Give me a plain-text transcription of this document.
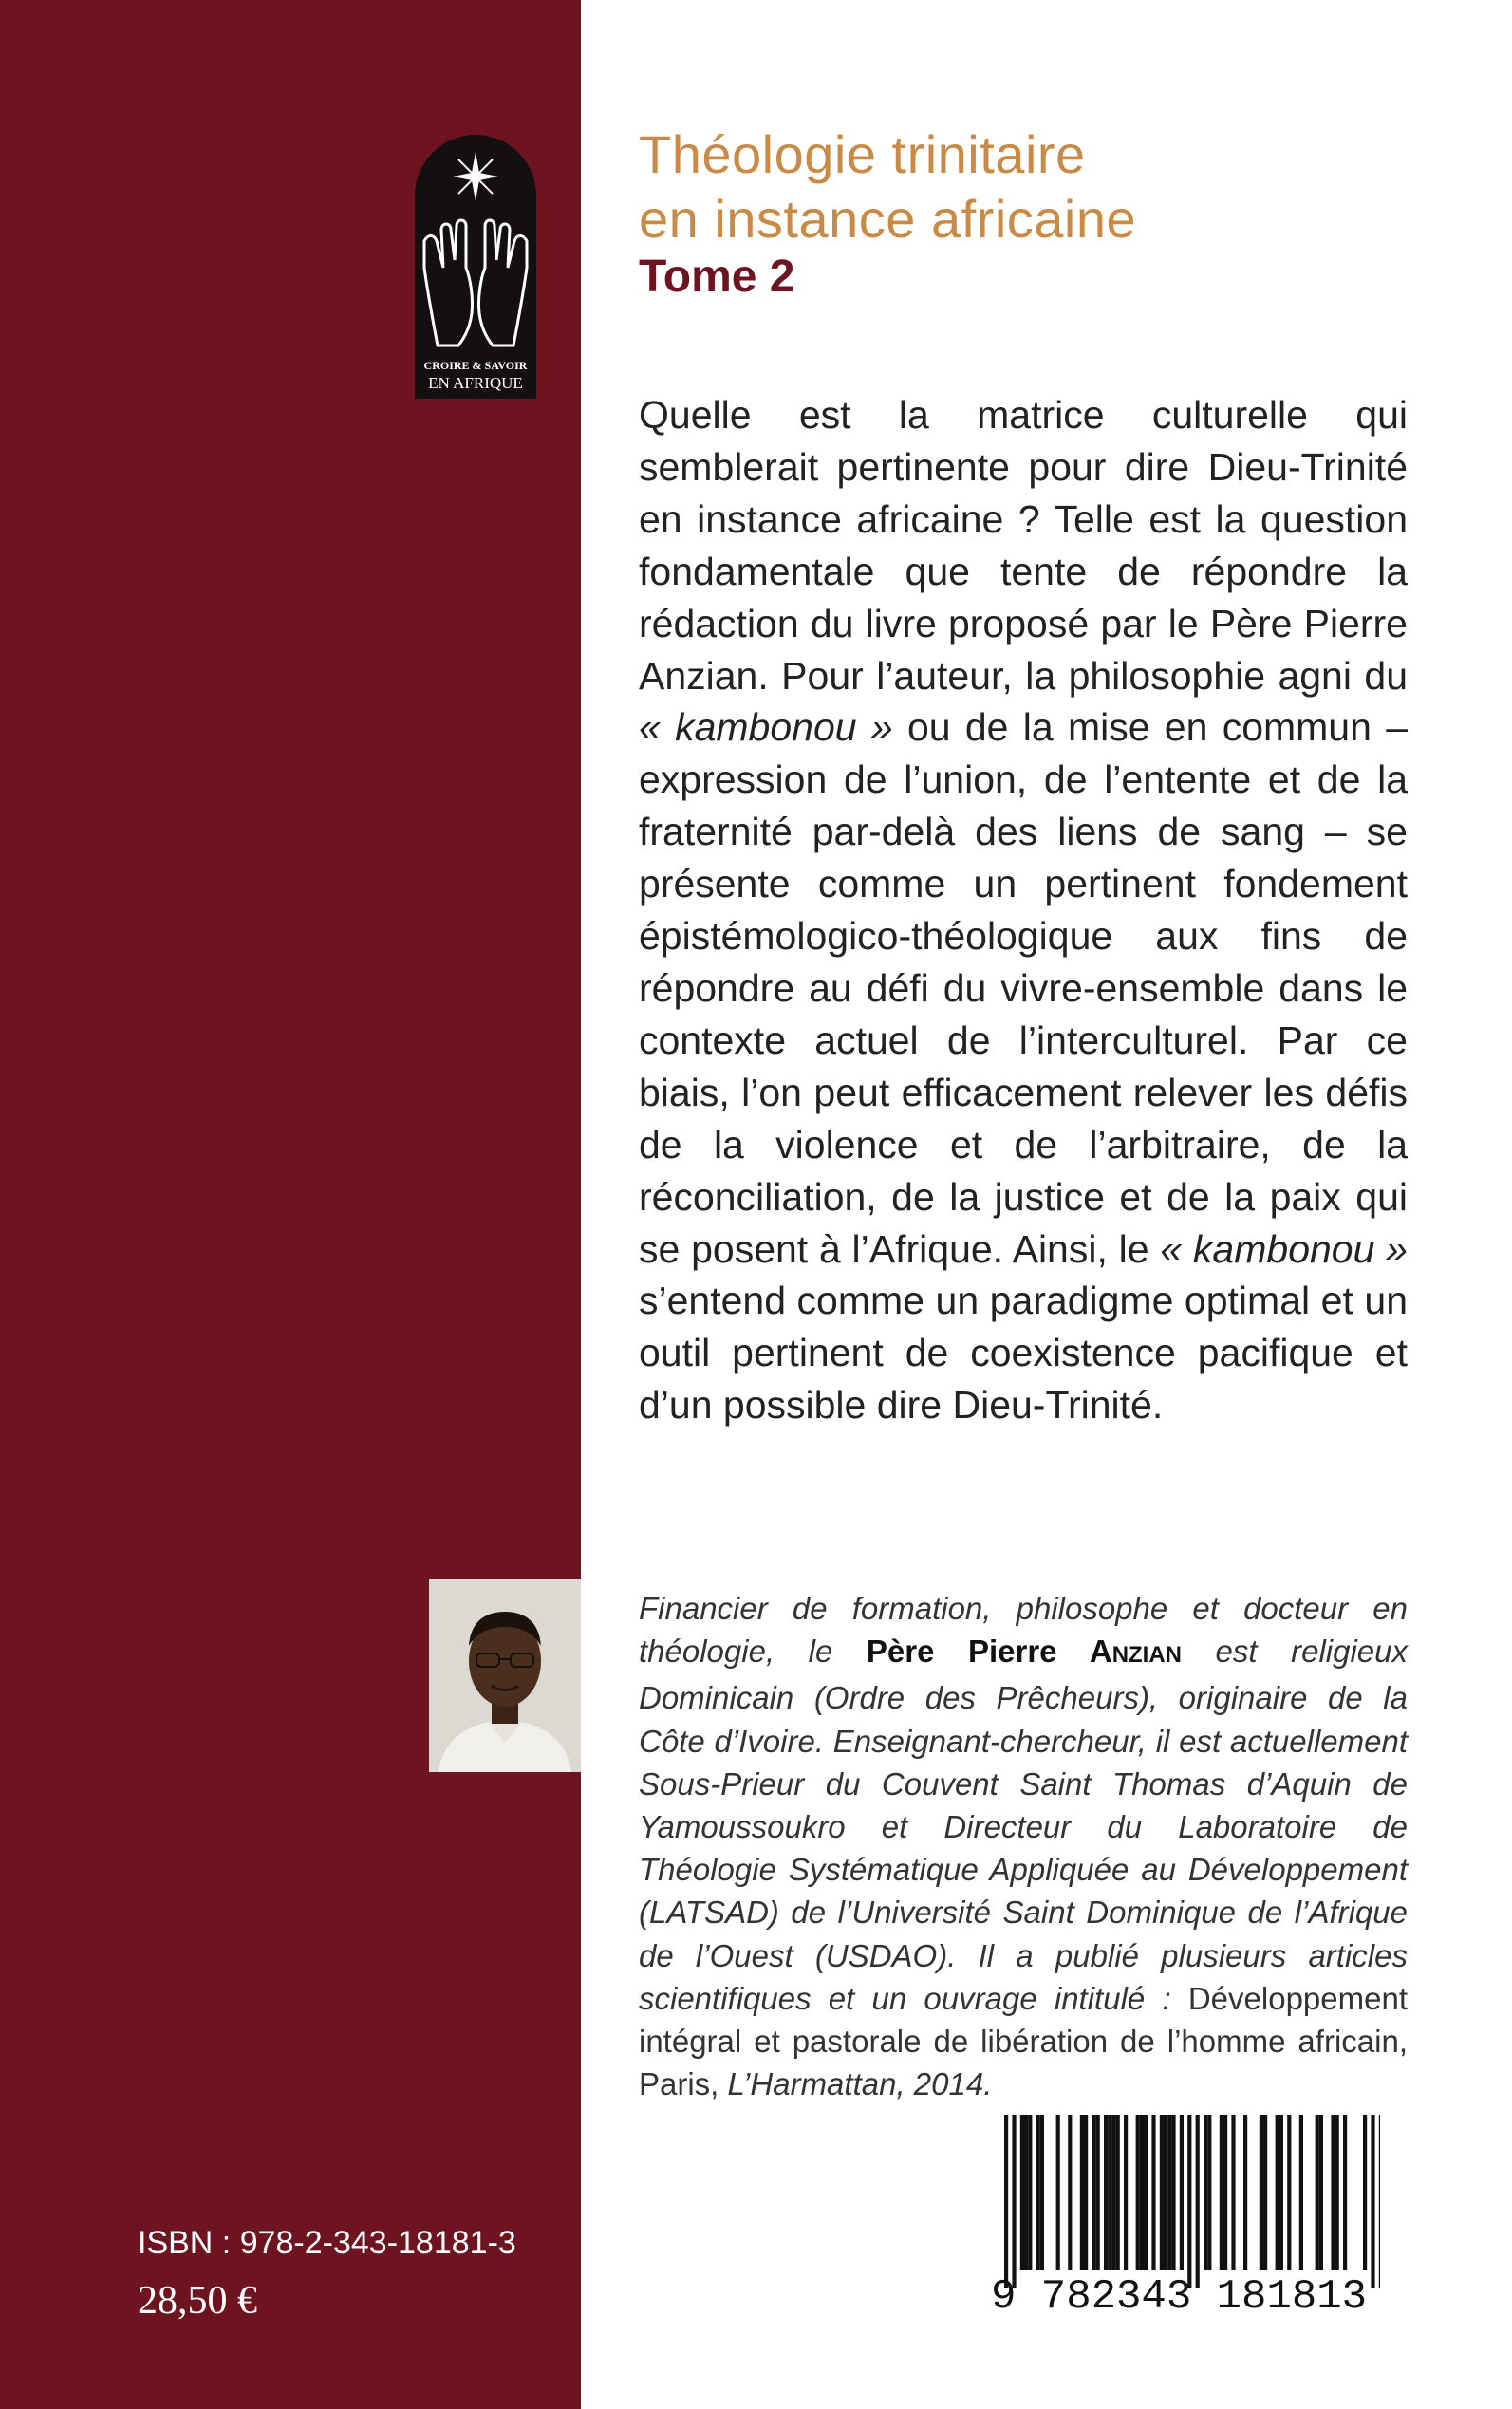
CROIRE & SAVOIR
EN AFRIQUE
ISBN : 978-2-343-18181-3
28,50 €
Théologie trinitaire
en instance africaine
Tome 2
Quelle est la matrice culturelle qui semblerait pertinente pour dire Dieu-Trinité en instance africaine ? Telle est la question fondamentale que tente de répondre la rédaction du livre proposé par le Père Pierre Anzian. Pour l’auteur, la philosophie agni du « kambonou » ou de la mise en commun – expression de l’union, de l’entente et de la fraternité par-delà des liens de sang – se présente comme un pertinent fondement épistémologico-théologique aux fins de répondre au défi du vivre-ensemble dans le contexte actuel de l’interculturel. Par ce biais, l’on peut efficacement relever les défis de la violence et de l’arbitraire, de la réconciliation, de la justice et de la paix qui se posent à l’Afrique. Ainsi, le « kambonou » s’entend comme un paradigme optimal et un outil pertinent de coexistence pacifique et d’un possible dire Dieu-Trinité.
Financier de formation, philosophe et docteur en théologie, le Père Pierre ANZIAN est religieux Dominicain (Ordre des Prêcheurs), originaire de la Côte d’Ivoire. Enseignant-chercheur, il est actuellement Sous-Prieur du Couvent Saint Thomas d’Aquin de Yamoussoukro et Directeur du Laboratoire de Théologie Systématique Appliquée au Développement (LATSAD) de l’Université Saint Dominique de l’Afrique de l’Ouest (USDAO). Il a publié plusieurs articles scientifiques et un ouvrage intitulé : Développement intégral et pastorale de libération de l’homme africain, Paris, L’Harmattan, 2014.
9 782343 181813
